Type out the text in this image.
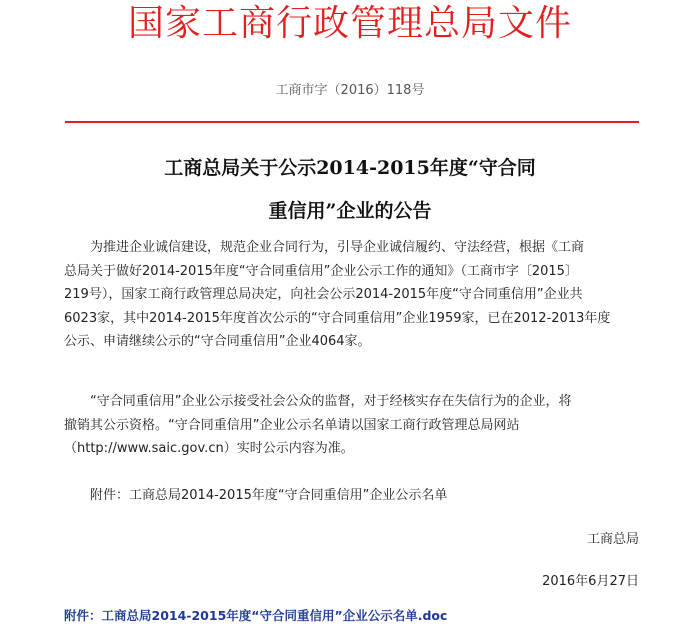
国家工商行政管理总局文件
工商市字（2016）118号
工商总局关于公示2014-2015年度“守合同
重信用”企业的公告
为推进企业诚信建设，规范企业合同行为，引导企业诚信履约、守法经营，根据《工商
总局关于做好2014-2015年度“守合同重信用”企业公示工作的通知》（工商市字〔2015〕
219号），国家工商行政管理总局决定，向社会公示2014-2015年度“守合同重信用”企业共
6023家，其中2014-2015年度首次公示的“守合同重信用”企业1959家，已在2012-2013年度
公示、申请继续公示的“守合同重信用”企业4064家。
“守合同重信用”企业公示接受社会公众的监督，对于经核实存在失信行为的企业，将
撤销其公示资格。“守合同重信用”企业公示名单请以国家工商行政管理总局网站
（http://www.saic.gov.cn）实时公示内容为准。
附件：工商总局2014-2015年度“守合同重信用”企业公示名单
工商总局
2016年6月27日
附件：工商总局2014-2015年度“守合同重信用”企业公示名单.doc
